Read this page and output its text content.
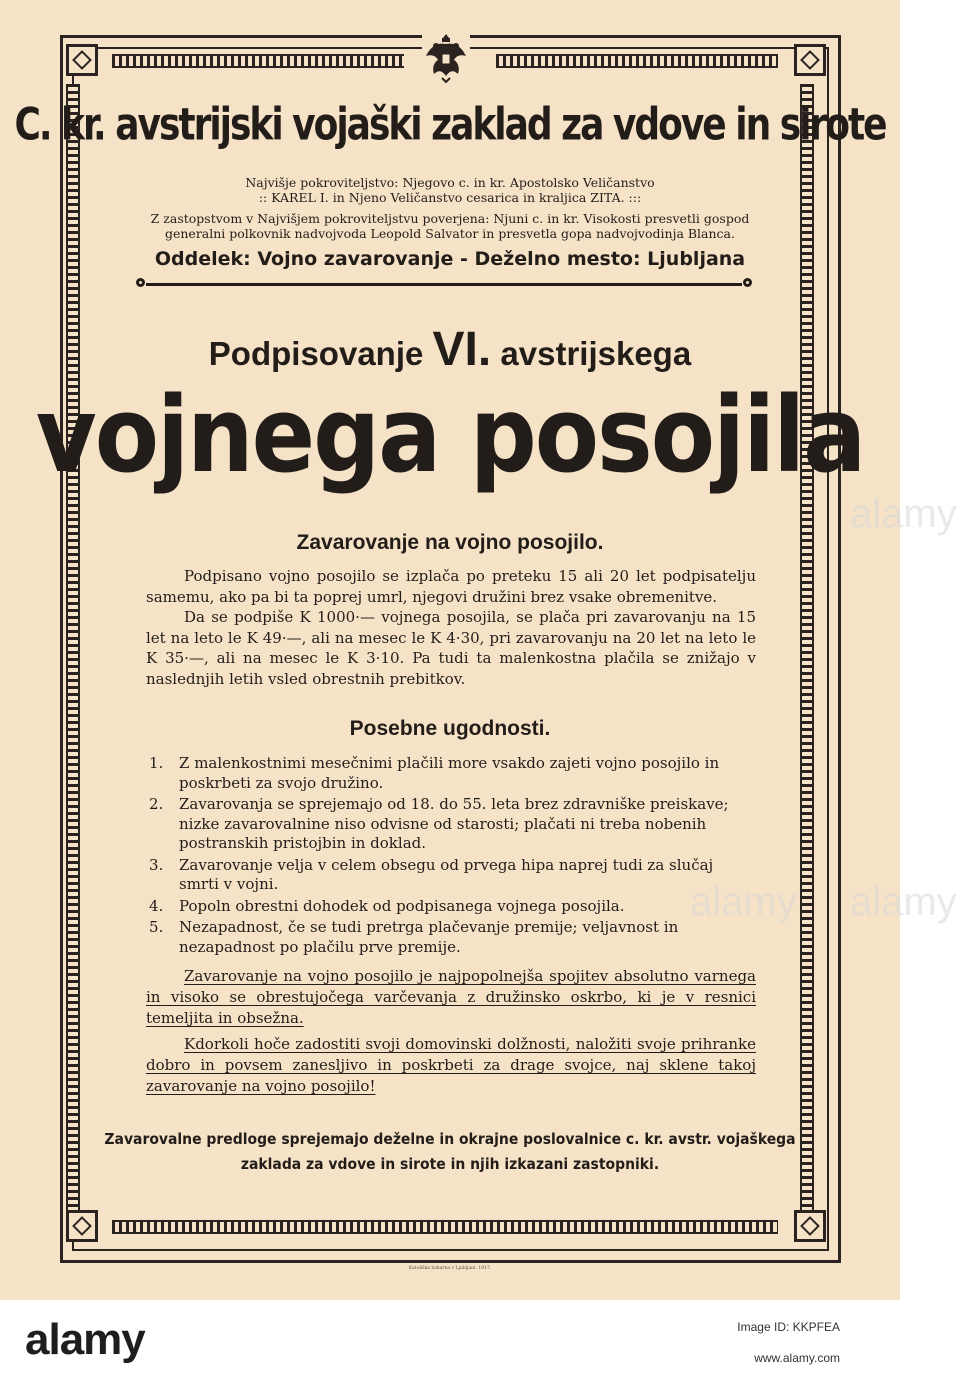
C. kr. avstrijski vojaški zaklad za vdove in sirote

Najvišje pokroviteljstvo: Njegovo c. in kr. Apostolsko Veličanstvo

:: KAREL I. in Njeno Veličanstvo cesarica in kraljica ZITA. :::

Z zastopstvom v Najvišjem pokroviteljstvu poverjena: Njuni c. in kr. Visokosti presvetli gospod

generalni polkovnik nadvojvoda Leopold Salvator in presvetla gopa nadvojvodinja Blanca.

Oddelek: Vojno zavarovanje - Deželno mesto: Ljubljana

Podpisovanje VI. avstrijskega
vojnega posojila

Zavarovanje na vojno posojilo.

Podpisano vojno posojilo se izplača po preteku 15 ali 20 let podpisatelju samemu, ako pa bi ta poprej umrl, njegovi družini brez vsake obremenitve.
Da se podpiše K 1000·— vojnega posojila, se plača pri zavarovanju na 15 let na leto le K 49·—, ali na mesec le K 4·30, pri zavarovanju na 20 let na leto le K 35·—, ali na mesec le K 3·10. Pa tudi ta malenkostna plačila se znižajo v naslednjih letih vsled obrestnih prebitkov.

Posebne ugodnosti.

1. Z malenkostnimi mesečnimi plačili more vsakdo zajeti vojno posojilo in poskrbeti za svojo družino.
2. Zavarovanja se sprejemajo od 18. do 55. leta brez zdravniške preiskave; nizke zavarovalnine niso odvisne od starosti; plačati ni treba nobenih postranskih pristojbin in doklad.
3. Zavarovanje velja v celem obsegu od prvega hipa naprej tudi za slučaj smrti v vojni.
4. Popoln obrestni dohodek od podpisanega vojnega posojila.
5. Nezapadnost, če se tudi pretrga plačevanje premije; veljavnost in nezapadnost po plačilu prve premije.
Zavarovanje na vojno posojilo je najpopolnejša spojitev absolutno varnega in visoko se obrestujočega varčevanja z družinsko oskrbo, ki je v resnici temeljita in obsežna.
Kdorkoli hoče zadostiti svoji domovinski dolžnosti, naložiti svoje prihranke dobro in povsem zanesljivo in poskrbeti za drage svojce, naj sklene takoj zavarovanje na vojno posojilo!
Zavarovalne predloge sprejemajo deželne in okrajne poslovalnice c. kr. avstr. vojaškega
zaklada za vdove in sirote in njih izkazani zastopniki.

Katoliška tiskarna v Ljubljani. 1917.

alamy
alamy
alamy
alamy	Image ID: KKPFEA
www.alamy.com
